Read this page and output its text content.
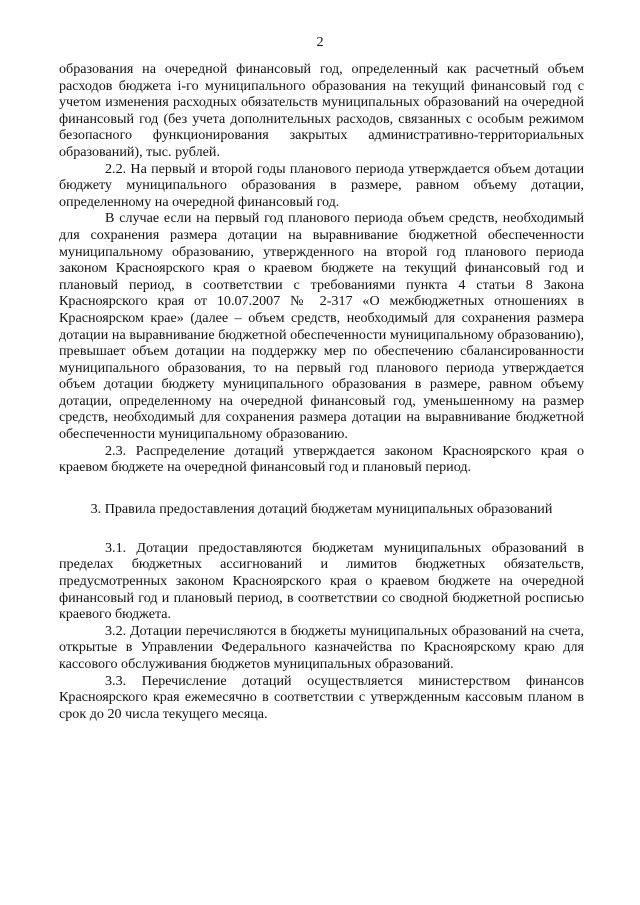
2

образования на очередной финансовый год, определенный как расчетный объем расходов бюджета i-го муниципального образования на текущий финансовый год с учетом изменения расходных обязательств муниципальных образований на очередной финансовый год (без учета дополнительных расходов, связанных с особым режимом безопасного функционирования закрытых административно-территориальных образований), тыс. рублей.

2.2. На первый и второй годы планового периода утверждается объем дотации бюджету муниципального образования в размере, равном объему дотации, определенному на очередной финансовый год.

В случае если на первый год планового периода объем средств, необходимый для сохранения размера дотации на выравнивание бюджетной обеспеченности муниципальному образованию, утвержденного на второй год планового периода законом Красноярского края о краевом бюджете на текущий финансовый год и плановый период, в соответствии с требованиями пункта 4 статьи 8 Закона Красноярского края от 10.07.2007 № 2-317 «О межбюджетных отношениях в Красноярском крае» (далее – объем средств, необходимый для сохранения размера дотации на выравнивание бюджетной обеспеченности муниципальному образованию), превышает объем дотации на поддержку мер по обеспечению сбалансированности муниципального образования, то на первый год планового периода утверждается объем дотации бюджету муниципального образования в размере, равном объему дотации, определенному на очередной финансовый год, уменьшенному на размер средств, необходимый для сохранения размера дотации на выравнивание бюджетной обеспеченности муниципальному образованию.

2.3. Распределение дотаций утверждается законом Красноярского края о краевом бюджете на очередной финансовый год и плановый период.

3. Правила предоставления дотаций бюджетам муниципальных образований

3.1. Дотации предоставляются бюджетам муниципальных образований в пределах бюджетных ассигнований и лимитов бюджетных обязательств, предусмотренных законом Красноярского края о краевом бюджете на очередной финансовый год и плановый период, в соответствии со сводной бюджетной росписью краевого бюджета.

3.2. Дотации перечисляются в бюджеты муниципальных образований на счета, открытые в Управлении Федерального казначейства по Красноярскому краю для кассового обслуживания бюджетов муниципальных образований.

3.3. Перечисление дотаций осуществляется министерством финансов Красноярского края ежемесячно в соответствии с утвержденным кассовым планом в срок до 20 числа текущего месяца.
